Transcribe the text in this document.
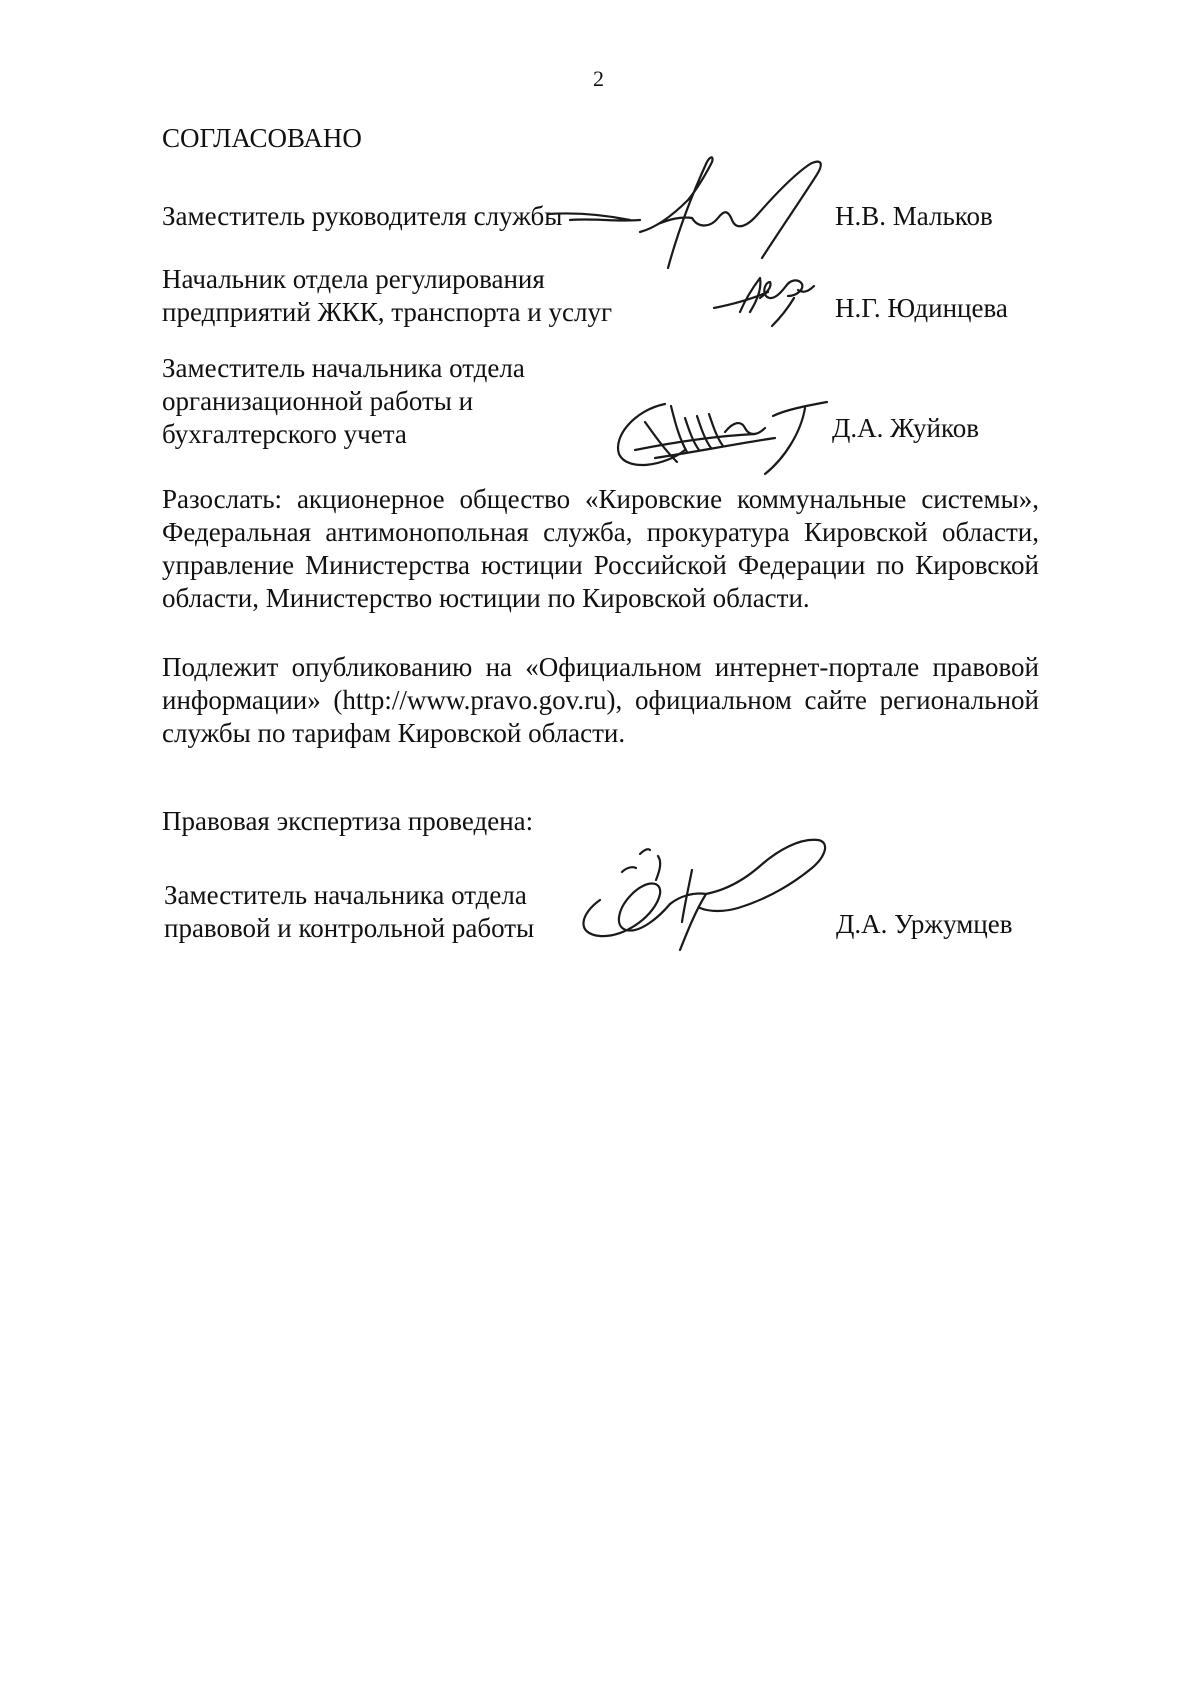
2
СОГЛАСОВАНО
Заместитель руководителя службы	Н.В. Мальков
Начальник отдела регулирования
предприятий ЖКК, транспорта и услуг	Н.Г. Юдинцева
Заместитель начальника отдела
организационной работы и
бухгалтерского учета	Д.А. Жуйков
Разослать: акционерное общество «Кировские коммунальные системы», Федеральная антимонопольная служба, прокуратура Кировской области, управление Министерства юстиции Российской Федерации по Кировской области, Министерство юстиции по Кировской области.
Подлежит опубликованию на «Официальном интернет-портале правовой информации» (http://www.pravo.gov.ru), официальном сайте региональной службы по тарифам Кировской области.
Правовая экспертиза проведена:
Заместитель начальника отдела
правовой и контрольной работы	Д.А. Уржумцев
